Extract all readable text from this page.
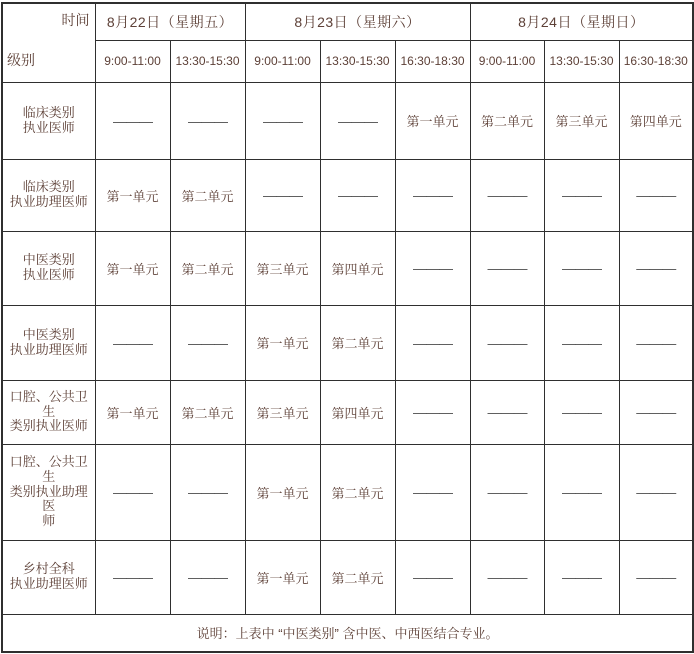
时间
级别	8月22日（星期五）		8月23日（星期六）			8月24日（星期日）		
	9:00-11:00	13:30-15:30	9:00-11:00	13:30-15:30	16:30-18:30	9:00-11:00	13:30-15:30	16:30-18:30

临床类别
执业医师	———	———	———	———	第一单元	第二单元	第三单元	第四单元

临床类别
执业助理医师	第一单元	第二单元	———	———	———	———	———	———

中医类别
执业医师	第一单元	第二单元	第三单元	第四单元	———	———	———	———

中医类别
执业助理医师	———	———	第一单元	第二单元	———	———	———	———

口腔、公共卫生
类别执业医师	第一单元	第二单元	第三单元	第四单元	———	———	———	———

口腔、公共卫生
类别执业助理医
师	———	———	第一单元	第二单元	———	———	———	———

乡村全科
执业助理医师	———	———	第一单元	第二单元	———	———	———	———
说明：上表中 “中医类别” 含中医、中西医结合专业。								
